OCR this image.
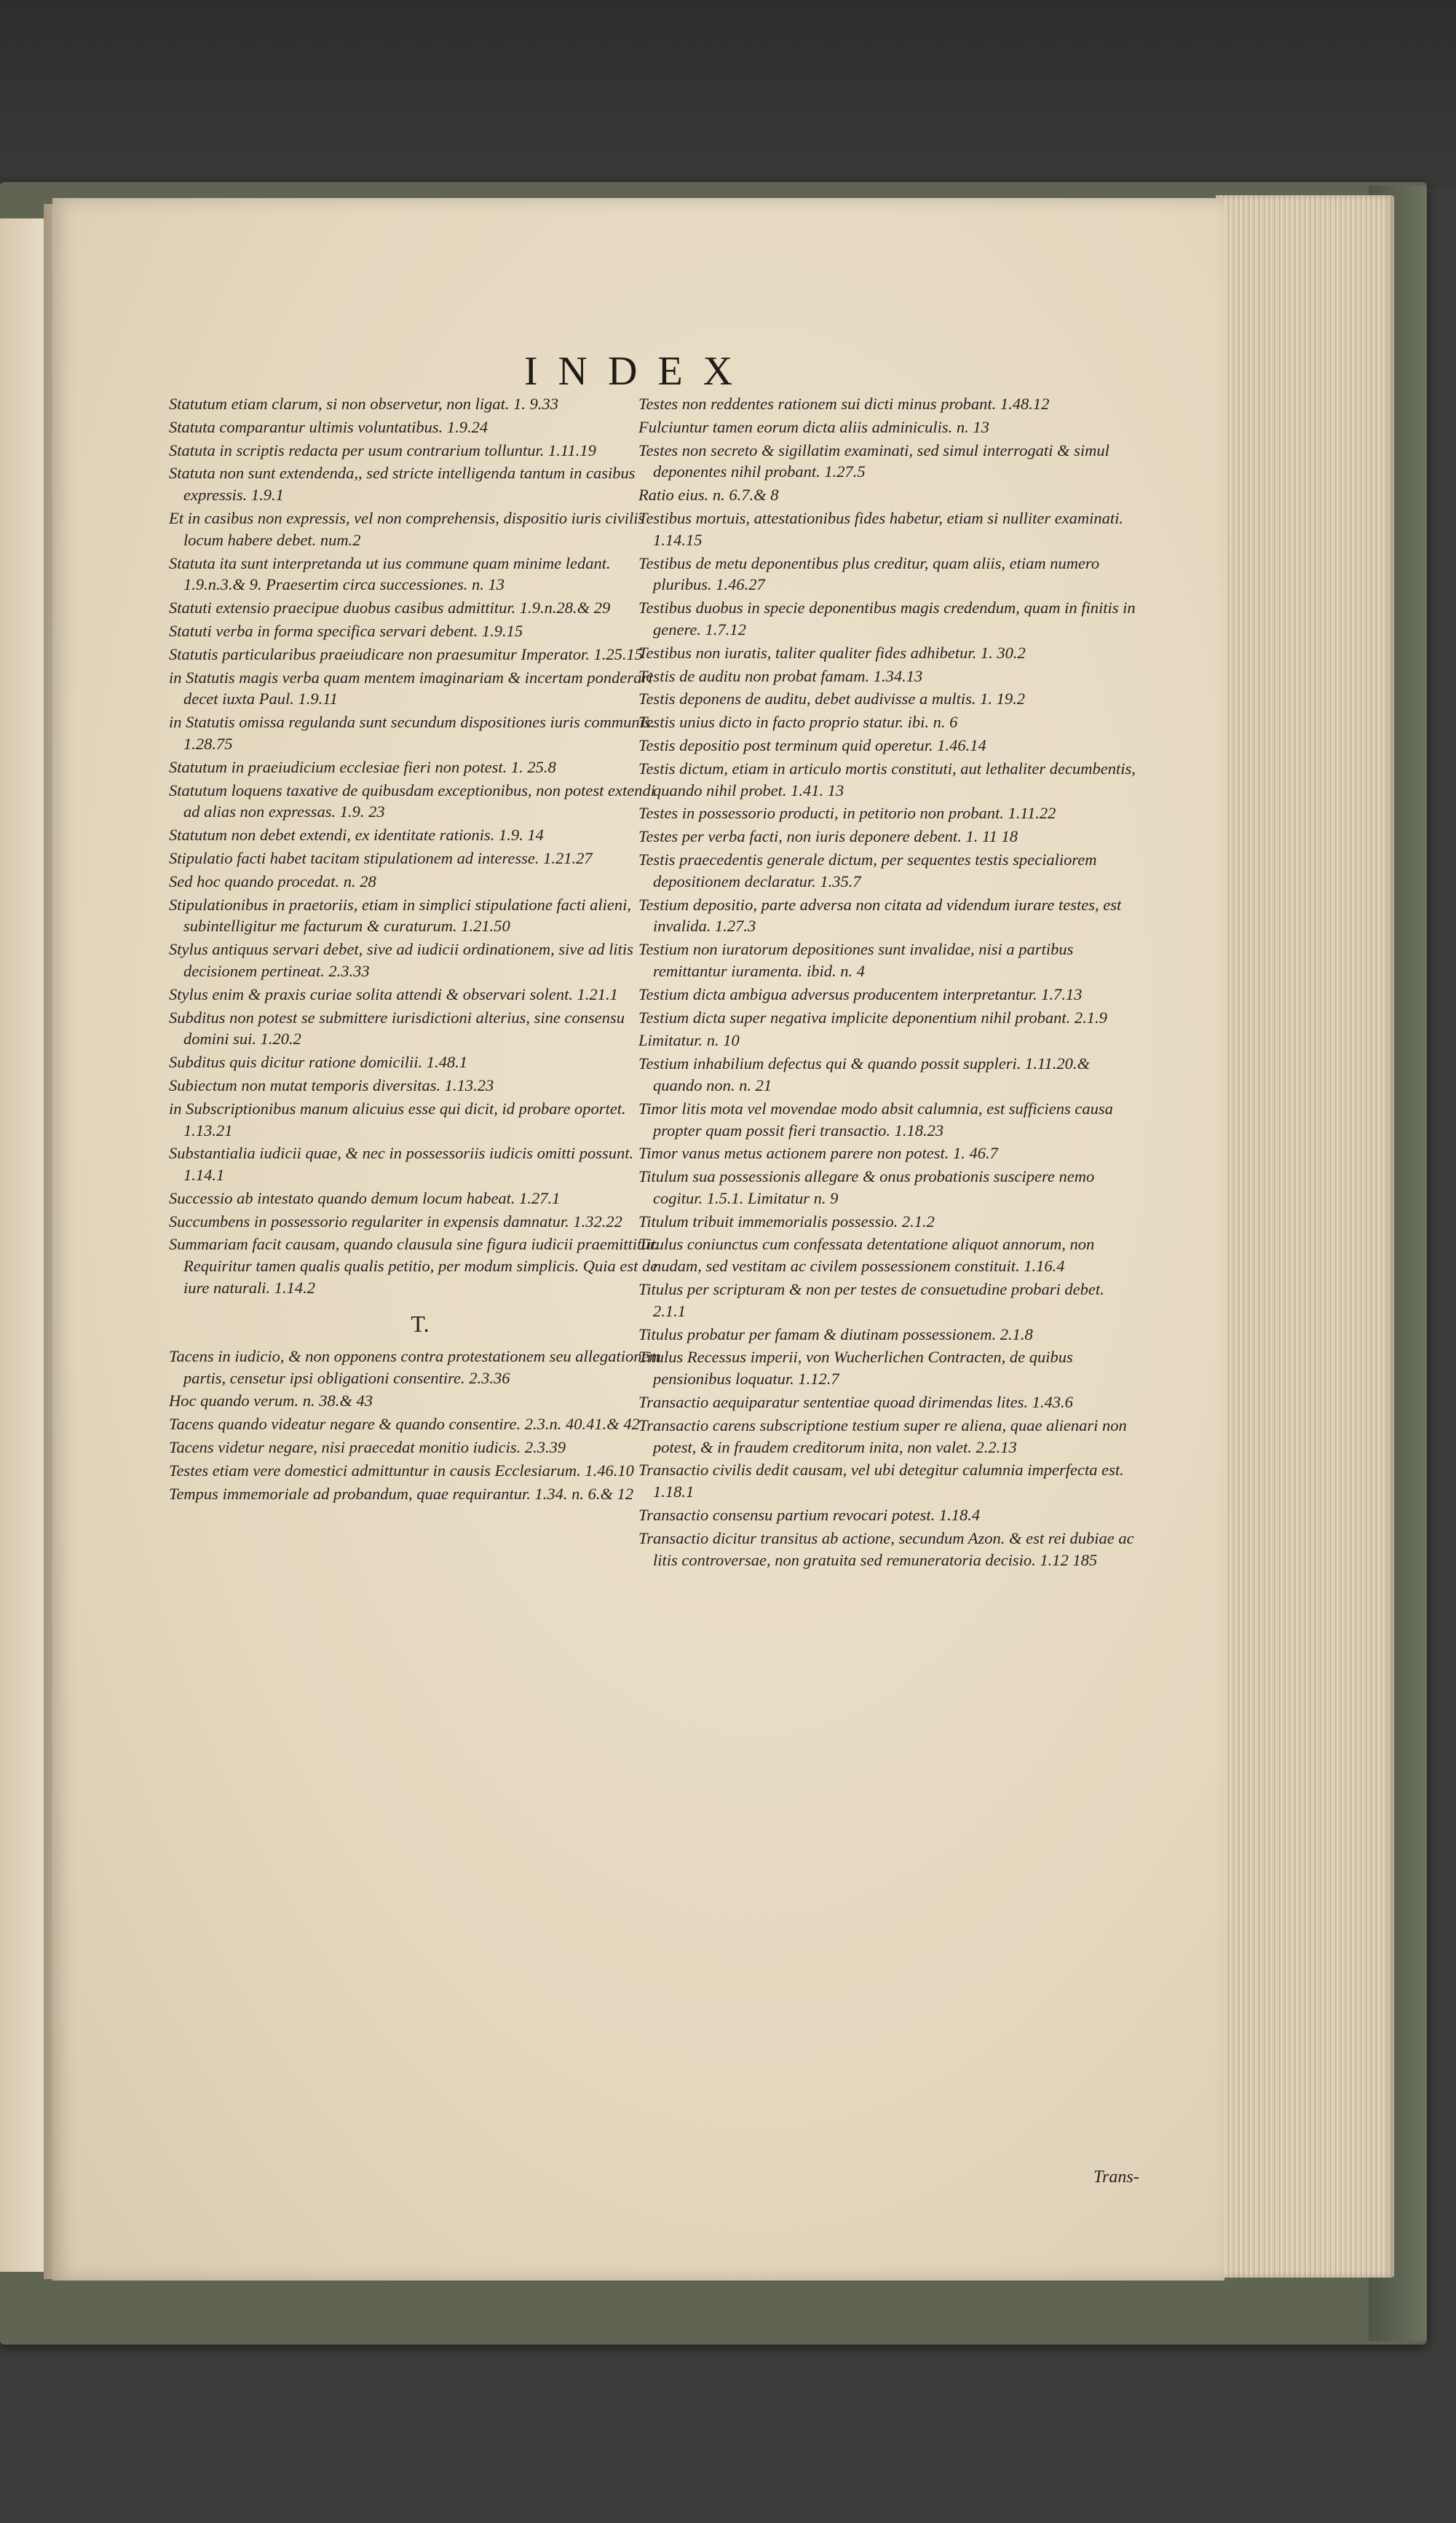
INDEX
Statutum etiam clarum, si non observetur, non ligat. 1. 9.33
Statuta comparantur ultimis voluntatibus. 1.9.24
Statuta in scriptis redacta per usum contrarium tolluntur. 1.11.19
Statuta non sunt extendenda,, sed stricte intelligenda tantum in casibus expressis. 1.9.1
Et in casibus non expressis, vel non comprehensis, dispositio iuris civilis locum habere debet. num.2
Statuta ita sunt interpretanda ut ius commune quam minime ledant. 1.9.n.3.& 9. Praesertim circa successiones. n. 13
Statuti extensio praecipue duobus casibus admittitur. 1.9.n.28.& 29
Statuti verba in forma specifica servari debent. 1.9.15
Statutis particularibus praeiudicare non praesumitur Imperator. 1.25.15
in Statutis magis verba quam mentem imaginariam & incertam ponderari decet iuxta Paul. 1.9.11
in Statutis omissa regulanda sunt secundum dispositiones iuris communis. 1.28.75
Statutum in praeiudicium ecclesiae fieri non potest. 1. 25.8
Statutum loquens taxative de quibusdam exceptionibus, non potest extendi ad alias non expressas. 1.9. 23
Statutum non debet extendi, ex identitate rationis. 1.9. 14
Stipulatio facti habet tacitam stipulationem ad interesse. 1.21.27
Sed hoc quando procedat. n. 28
Stipulationibus in praetoriis, etiam in simplici stipulatione facti alieni, subintelligitur me facturum & curaturum. 1.21.50
Stylus antiquus servari debet, sive ad iudicii ordinationem, sive ad litis decisionem pertineat. 2.3.33
Stylus enim & praxis curiae solita attendi & observari solent. 1.21.1
Subditus non potest se submittere iurisdictioni alterius, sine consensu domini sui. 1.20.2
Subditus quis dicitur ratione domicilii. 1.48.1
Subiectum non mutat temporis diversitas. 1.13.23
in Subscriptionibus manum alicuius esse qui dicit, id probare oportet. 1.13.21
Substantialia iudicii quae, & nec in possessoriis iudicis omitti possunt. 1.14.1
Successio ab intestato quando demum locum habeat. 1.27.1
Succumbens in possessorio regulariter in expensis damnatur. 1.32.22
Summariam facit causam, quando clausula sine figura iudicii praemittitur. Requiritur tamen qualis qualis petitio, per modum simplicis. Quia est de iure naturali. 1.14.2
T.
Tacens in iudicio, & non opponens contra protestationem seu allegationem partis, censetur ipsi obligationi consentire. 2.3.36
Hoc quando verum. n. 38.& 43
Tacens quando videatur negare & quando consentire. 2.3.n. 40.41.& 42
Tacens videtur negare, nisi praecedat monitio iudicis. 2.3.39
Testes etiam vere domestici admittuntur in causis Ecclesiarum. 1.46.10
Tempus immemoriale ad probandum, quae requirantur. 1.34. n. 6.& 12
Testes non reddentes rationem sui dicti minus probant. 1.48.12
Fulciuntur tamen eorum dicta aliis adminiculis. n. 13
Testes non secreto & sigillatim examinati, sed simul interrogati & simul deponentes nihil probant. 1.27.5
Ratio eius. n. 6.7.& 8
Testibus mortuis, attestationibus fides habetur, etiam si nulliter examinati. 1.14.15
Testibus de metu deponentibus plus creditur, quam aliis, etiam numero pluribus. 1.46.27
Testibus duobus in specie deponentibus magis credendum, quam in finitis in genere. 1.7.12
Testibus non iuratis, taliter qualiter fides adhibetur. 1. 30.2
Testis de auditu non probat famam. 1.34.13
Testis deponens de auditu, debet audivisse a multis. 1. 19.2
Testis unius dicto in facto proprio statur. ibi. n. 6
Testis depositio post terminum quid operetur. 1.46.14
Testis dictum, etiam in articulo mortis constituti, aut lethaliter decumbentis, quando nihil probet. 1.41. 13
Testes in possessorio producti, in petitorio non probant. 1.11.22
Testes per verba facti, non iuris deponere debent. 1. 11 18
Testis praecedentis generale dictum, per sequentes testis specialiorem depositionem declaratur. 1.35.7
Testium depositio, parte adversa non citata ad videndum iurare testes, est invalida. 1.27.3
Testium non iuratorum depositiones sunt invalidae, nisi a partibus remittantur iuramenta. ibid. n. 4
Testium dicta ambigua adversus producentem interpretantur. 1.7.13
Testium dicta super negativa implicite deponentium nihil probant. 2.1.9
Limitatur. n. 10
Testium inhabilium defectus qui & quando possit suppleri. 1.11.20.& quando non. n. 21
Timor litis mota vel movendae modo absit calumnia, est sufficiens causa propter quam possit fieri transactio. 1.18.23
Timor vanus metus actionem parere non potest. 1. 46.7
Titulum sua possessionis allegare & onus probationis suscipere nemo cogitur. 1.5.1. Limitatur n. 9
Titulum tribuit immemorialis possessio. 2.1.2
Titulus coniunctus cum confessata detentatione aliquot annorum, non nudam, sed vestitam ac civilem possessionem constituit. 1.16.4
Titulus per scripturam & non per testes de consuetudine probari debet. 2.1.1
Titulus probatur per famam & diutinam possessionem. 2.1.8
Titulus Recessus imperii, von Wucherlichen Contracten, de quibus pensionibus loquatur. 1.12.7
Transactio aequiparatur sententiae quoad dirimendas lites. 1.43.6
Transactio carens subscriptione testium super re aliena, quae alienari non potest, & in fraudem creditorum inita, non valet. 2.2.13
Transactio civilis dedit causam, vel ubi detegitur calumnia imperfecta est. 1.18.1
Transactio consensu partium revocari potest. 1.18.4
Transactio dicitur transitus ab actione, secundum Azon. & est rei dubiae ac litis controversae, non gratuita sed remuneratoria decisio. 1.12 185
Trans-
